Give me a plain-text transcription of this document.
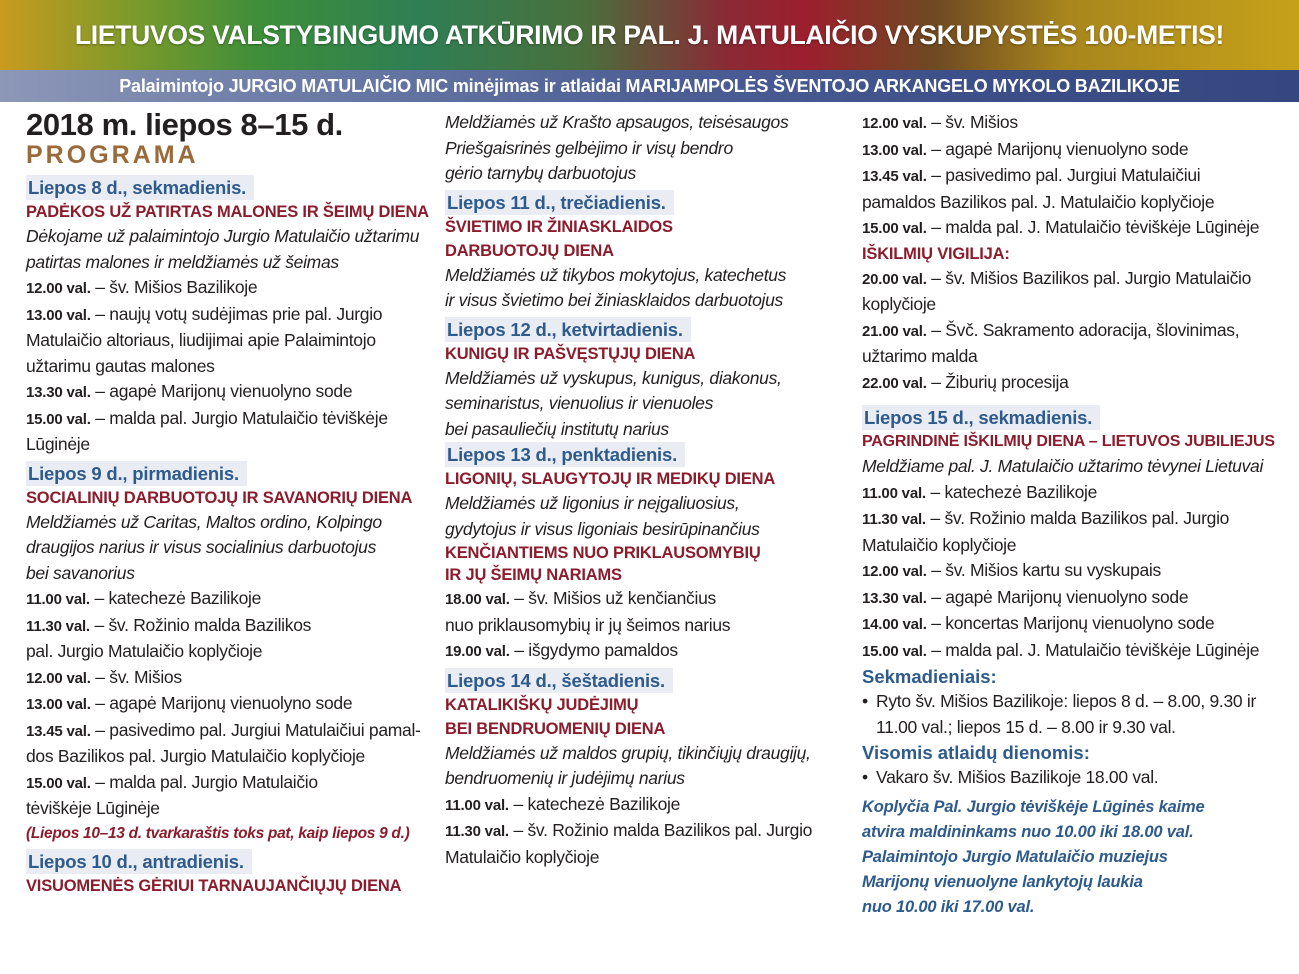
LIETUVOS VALSTYBINGUMO ATKŪRIMO IR PAL. J. MATULAIČIO VYSKUPYSTĖS 100-METIS!

Palaimintojo JURGIO MATULAIČIO MIC minėjimas ir atlaidai MARIJAMPOLĖS ŠVENTOJO ARKANGELO MYKOLO BAZILIKOJE

2018 m. liepos 8–15 d.
PROGRAMA
Liepos 8 d., sekmadienis.
PADĖKOS UŽ PATIRTAS MALONES IR ŠEIMŲ DIENA
Dėkojame už palaimintojo Jurgio Matulaičio užtarimu
patirtas malones ir meldžiamės už šeimas
12.00 val. – šv. Mišios Bazilikoje
13.00 val. – naujų votų sudėjimas prie pal. Jurgio
Matulaičio altoriaus, liudijimai apie Palaimintojo
užtarimu gautas malones
13.30 val. – agapė Marijonų vienuolyno sode
15.00 val. – malda pal. Jurgio Matulaičio tėviškėje
Lūginėje
Liepos 9 d., pirmadienis.
SOCIALINIŲ DARBUOTOJŲ IR SAVANORIŲ DIENA
Meldžiamės už Caritas, Maltos ordino, Kolpingo
draugijos narius ir visus socialinius darbuotojus
bei savanorius
11.00 val. – katechezė Bazilikoje
11.30 val. – šv. Rožinio malda Bazilikos
pal. Jurgio Matulaičio koplyčioje
12.00 val. – šv. Mišios
13.00 val. – agapė Marijonų vienuolyno sode
13.45 val. – pasivedimo pal. Jurgiui Matulaičiui pamal-
dos Bazilikos pal. Jurgio Matulaičio koplyčioje
15.00 val. – malda pal. Jurgio Matulaičio
tėviškėje Lūginėje
(Liepos 10–13 d. tvarkaraštis toks pat, kaip liepos 9 d.)
Liepos 10 d., antradienis.
VISUOMENĖS GĖRIUI TARNAUJANČIŲJŲ DIENA
Meldžiamės už Krašto apsaugos, teisėsaugos
Priešgaisrinės gelbėjimo ir visų bendro
gėrio tarnybų darbuotojus
Liepos 11 d., trečiadienis.
ŠVIETIMO IR ŽINIASKLAIDOS
DARBUOTOJŲ DIENA
Meldžiamės už tikybos mokytojus, katechetus
ir visus švietimo bei žiniasklaidos darbuotojus
Liepos 12 d., ketvirtadienis.
KUNIGŲ IR PAŠVĘSTŲJŲ DIENA
Meldžiamės už vyskupus, kunigus, diakonus,
seminaristus, vienuolius ir vienuoles
bei pasauliečių institutų narius
Liepos 13 d., penktadienis.
LIGONIŲ, SLAUGYTOJŲ IR MEDIKŲ DIENA
Meldžiamės už ligonius ir neįgaliuosius,
gydytojus ir visus ligoniais besirūpinančius
KENČIANTIEMS NUO PRIKLAUSOMYBIŲ
IR JŲ ŠEIMŲ NARIAMS
18.00 val. – šv. Mišios už kenčiančius
nuo priklausomybių ir jų šeimos narius
19.00 val. – išgydymo pamaldos
Liepos 14 d., šeštadienis.
KATALIKIŠKŲ JUDĖJIMŲ
BEI BENDRUOMENIŲ DIENA
Meldžiamės už maldos grupių, tikinčiųjų draugijų,
bendruomenių ir judėjimų narius
11.00 val. – katechezė Bazilikoje
11.30 val. – šv. Rožinio malda Bazilikos pal. Jurgio
Matulaičio koplyčioje
12.00 val. – šv. Mišios
13.00 val. – agapė Marijonų vienuolyno sode
13.45 val. – pasivedimo pal. Jurgiui Matulaičiui
pamaldos Bazilikos pal. J. Matulaičio koplyčioje
15.00 val. – malda pal. J. Matulaičio tėviškėje Lūginėje
IŠKILMIŲ VIGILIJA:
20.00 val. – šv. Mišios Bazilikos pal. Jurgio Matulaičio
koplyčioje
21.00 val. – Švč. Sakramento adoracija, šlovinimas,
užtarimo malda
22.00 val. – Žiburių procesija
Liepos 15 d., sekmadienis.
PAGRINDINĖ IŠKILMIŲ DIENA – LIETUVOS JUBILIEJUS
Meldžiame pal. J. Matulaičio užtarimo tėvynei Lietuvai
11.00 val. – katechezė Bazilikoje
11.30 val. – šv. Rožinio malda Bazilikos pal. Jurgio
Matulaičio koplyčioje
12.00 val. – šv. Mišios kartu su vyskupais
13.30 val. – agapė Marijonų vienuolyno sode
14.00 val. – koncertas Marijonų vienuolyno sode
15.00 val. – malda pal. J. Matulaičio tėviškėje Lūginėje
Sekmadieniais:
• Ryto šv. Mišios Bazilikoje: liepos 8 d. – 8.00, 9.30 ir
11.00 val.; liepos 15 d. – 8.00 ir 9.30 val.
Visomis atlaidų dienomis:
• Vakaro šv. Mišios Bazilikoje 18.00 val.
Koplyčia Pal. Jurgio tėviškėje Lūginės kaime
atvira maldininkams nuo 10.00 iki 18.00 val.
Palaimintojo Jurgio Matulaičio muziejus
Marijonų vienuolyne lankytojų laukia
nuo 10.00 iki 17.00 val.
